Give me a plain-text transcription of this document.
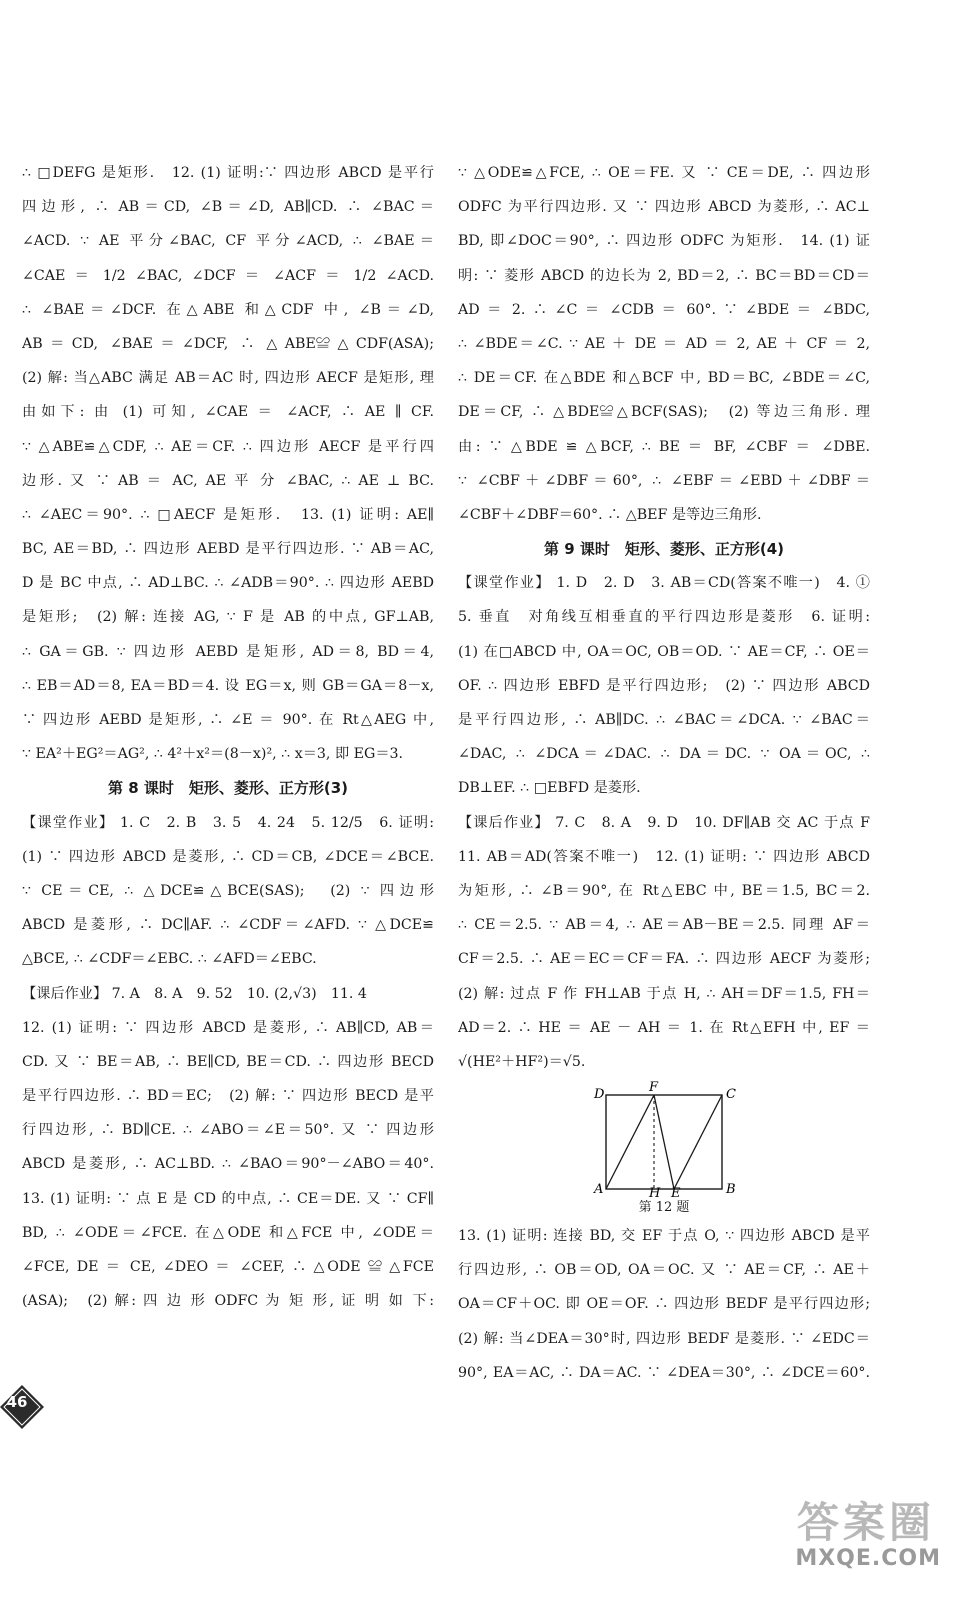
∴ □DEFG 是矩形.　12. (1) 证明:∵ 四边形 ABCD 是平行
四边形, ∴ AB＝CD, ∠B＝∠D, AB∥CD. ∴ ∠BAC＝
∠ACD. ∵ AE 平分∠BAC, CF 平分∠ACD, ∴ ∠BAE＝
∠CAE ＝ 1/2 ∠BAC, ∠DCF ＝ ∠ACF ＝ 1/2 ∠ACD.
∴ ∠BAE＝∠DCF. 在△ABE 和△CDF 中, ∠B＝∠D,
AB＝CD, ∠BAE＝∠DCF, ∴ △ABE≌△CDF(ASA);
(2) 解: 当△ABC 满足 AB＝AC 时, 四边形 AECF 是矩形, 理
由如下: 由 (1) 可知, ∠CAE ＝ ∠ACF, ∴ AE ∥ CF.
∵ △ABE≌△CDF, ∴ AE＝CF. ∴ 四边形 AECF 是平行四
边形. 又 ∵ AB ＝ AC, AE 平 分 ∠BAC, ∴ AE ⊥ BC.
∴ ∠AEC＝90°. ∴ □AECF 是矩形.　13. (1) 证明: AE∥
BC, AE＝BD, ∴ 四边形 AEBD 是平行四边形. ∵ AB＝AC,
D 是 BC 中点, ∴ AD⊥BC. ∴ ∠ADB＝90°. ∴ 四边形 AEBD
是矩形;　(2) 解: 连接 AG, ∵ F 是 AB 的中点, GF⊥AB,
∴ GA＝GB. ∵ 四边形 AEBD 是矩形, AD＝8, BD＝4,
∴ EB＝AD＝8, EA＝BD＝4. 设 EG＝x, 则 GB＝GA＝8－x,
∵ 四边形 AEBD 是矩形, ∴ ∠E ＝ 90°. 在 Rt△AEG 中,
∵ EA²＋EG²＝AG², ∴ 4²＋x²＝(8－x)², ∴ x＝3, 即 EG＝3.
第 8 课时　矩形、菱形、正方形(3)
【课堂作业】 1. C　2. B　3. 5　4. 24　5. 12/5　6. 证明:
(1) ∵ 四边形 ABCD 是菱形, ∴ CD＝CB, ∠DCE＝∠BCE.
∵ CE＝CE, ∴ △DCE≌△BCE(SAS);　(2) ∵ 四边形
ABCD 是菱形, ∴ DC∥AF. ∴ ∠CDF＝∠AFD. ∵ △DCE≌
△BCE, ∴ ∠CDF＝∠EBC. ∴ ∠AFD＝∠EBC.
【课后作业】 7. A　8. A　9. 52　10. (2,√3)　11. 4
12. (1) 证明: ∵ 四边形 ABCD 是菱形, ∴ AB∥CD, AB＝
CD. 又 ∵ BE＝AB, ∴ BE∥CD, BE＝CD. ∴ 四边形 BECD
是平行四边形. ∴ BD＝EC;　(2) 解: ∵ 四边形 BECD 是平
行四边形, ∴ BD∥CE. ∴ ∠ABO＝∠E＝50°. 又 ∵ 四边形
ABCD 是菱形, ∴ AC⊥BD. ∴ ∠BAO＝90°－∠ABO＝40°.
13. (1) 证明: ∵ 点 E 是 CD 的中点, ∴ CE＝DE. 又 ∵ CF∥
BD, ∴ ∠ODE＝∠FCE. 在△ODE 和△FCE 中, ∠ODE＝
∠FCE, DE ＝ CE, ∠DEO ＝ ∠CEF, ∴ △ODE ≌ △FCE
(ASA);　(2) 解: 四 边 形 ODFC 为 矩 形, 证 明 如 下:
∵ △ODE≌△FCE, ∴ OE＝FE. 又 ∵ CE＝DE, ∴ 四边形
ODFC 为平行四边形. 又 ∵ 四边形 ABCD 为菱形, ∴ AC⊥
BD, 即∠DOC＝90°, ∴ 四边形 ODFC 为矩形.　14. (1) 证
明: ∵ 菱形 ABCD 的边长为 2, BD＝2, ∴ BC＝BD＝CD＝
AD ＝ 2. ∴ ∠C ＝ ∠CDB ＝ 60°. ∵ ∠BDE ＝ ∠BDC,
∴ ∠BDE＝∠C. ∵ AE ＋ DE ＝ AD ＝ 2, AE ＋ CF ＝ 2,
∴ DE＝CF. 在△BDE 和△BCF 中, BD＝BC, ∠BDE＝∠C,
DE＝CF, ∴ △BDE≌△BCF(SAS);　(2) 等边三角形. 理
由: ∵ △BDE ≌ △BCF, ∴ BE ＝ BF, ∠CBF ＝ ∠DBE.
∵ ∠CBF＋∠DBF＝60°, ∴ ∠EBF＝∠EBD＋∠DBF＝
∠CBF＋∠DBF＝60°. ∴ △BEF 是等边三角形.
第 9 课时　矩形、菱形、正方形(4)
【课堂作业】 1. D　2. D　3. AB＝CD(答案不唯一)　4. ①
5. 垂直　对角线互相垂直的平行四边形是菱形　6. 证明:
(1) 在□ABCD 中, OA＝OC, OB＝OD. ∵ AE＝CF, ∴ OE＝
OF. ∴ 四边形 EBFD 是平行四边形;　(2) ∵ 四边形 ABCD
是平行四边形, ∴ AB∥DC. ∴ ∠BAC＝∠DCA. ∵ ∠BAC＝
∠DAC, ∴ ∠DCA＝∠DAC. ∴ DA＝DC. ∵ OA＝OC, ∴
DB⊥EF. ∴ □EBFD 是菱形.
【课后作业】 7. C　8. A　9. D　10. DF∥AB 交 AC 于点 F
11. AB＝AD(答案不唯一)　12. (1) 证明: ∵ 四边形 ABCD
为矩形, ∴ ∠B＝90°, 在 Rt△EBC 中, BE＝1.5, BC＝2.
∴ CE＝2.5. ∵ AB＝4, ∴ AE＝AB－BE＝2.5. 同理 AF＝
CF＝2.5. ∴ AE＝EC＝CF＝FA. ∴ 四边形 AECF 为菱形;
(2) 解: 过点 F 作 FH⊥AB 于点 H, ∴ AH＝DF＝1.5, FH＝
AD＝2. ∴ HE ＝ AE － AH ＝ 1. 在 Rt△EFH 中, EF ＝
√(HE²＋HF²)＝√5.
D	F	C
A	H E	B
第 12 题
13. (1) 证明: 连接 BD, 交 EF 于点 O, ∵ 四边形 ABCD 是平
行四边形, ∴ OB＝OD, OA＝OC. 又 ∵ AE＝CF, ∴ AE＋
OA＝CF＋OC. 即 OE＝OF. ∴ 四边形 BEDF 是平行四边形;
(2) 解: 当∠DEA＝30°时, 四边形 BEDF 是菱形. ∵ ∠EDC＝
90°, EA＝AC, ∴ DA＝AC. ∵ ∠DEA＝30°, ∴ ∠DCE＝60°.
46
答案圈
MXQE.COM
